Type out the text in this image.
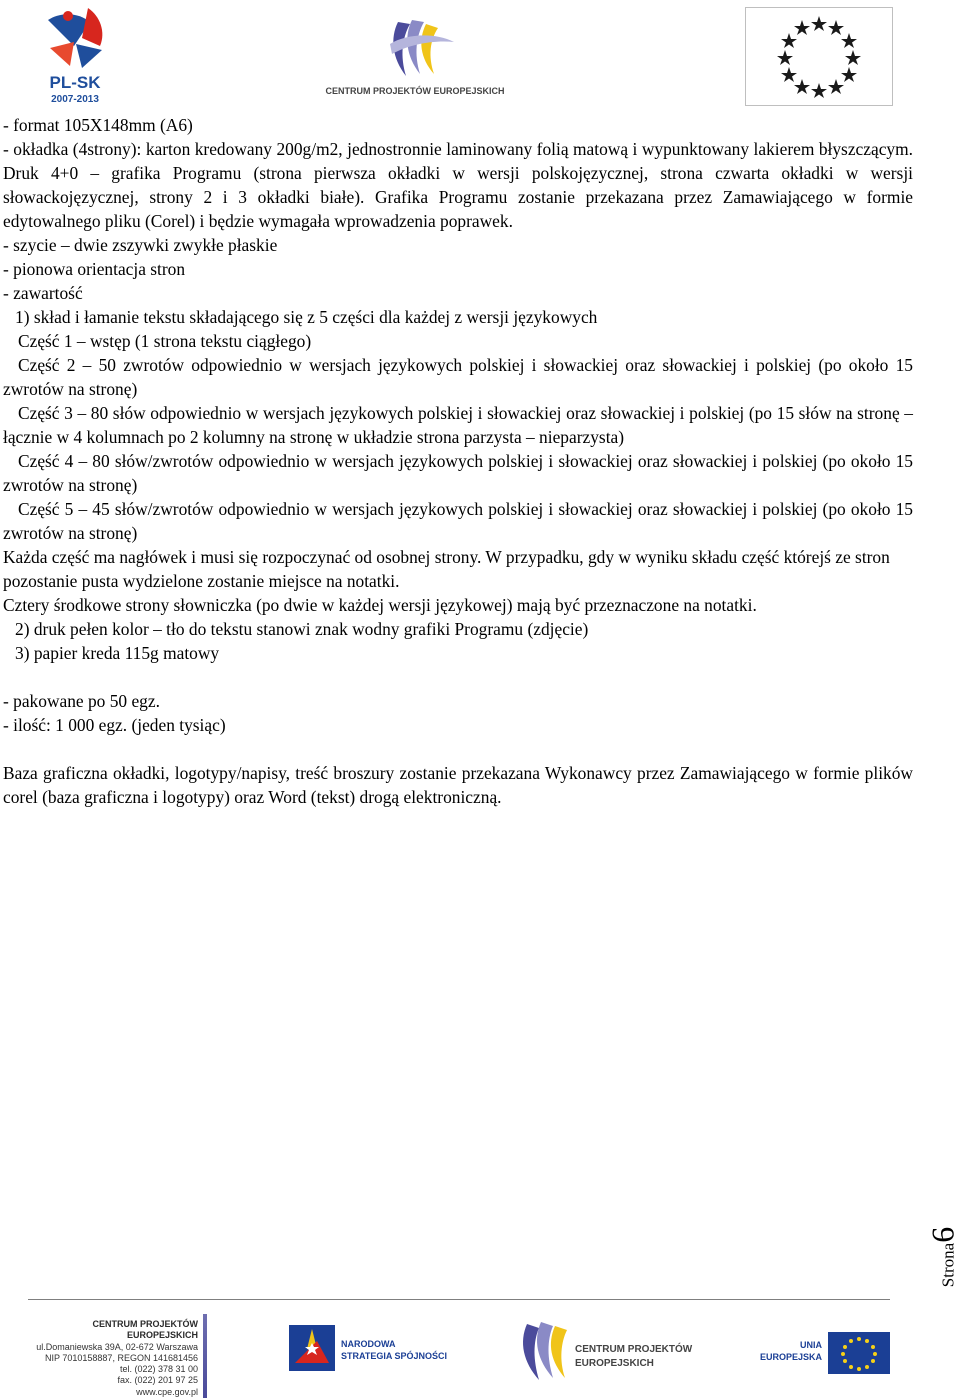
PL-SK
2007-2013
CENTRUM PROJEKTÓW EUROPEJSKICH

- format 105X148mm (A6)

- okładka (4strony): karton kredowany 200g/m2, jednostronnie laminowany folią matową i wypunktowany lakierem błyszczącym. Druk 4+0 – grafika Programu (strona pierwsza okładki w wersji polskojęzycznej, strona czwarta okładki w wersji słowackojęzycznej, strony 2 i 3 okładki białe). Grafika Programu zostanie przekazana przez Zamawiającego w formie edytowalnego pliku (Corel) i będzie wymagała wprowadzenia poprawek.

- szycie – dwie zszywki zwykłe płaskie

- pionowa orientacja stron

- zawartość

1) skład i łamanie tekstu składającego się z 5 części dla każdej z wersji językowych

Część 1 – wstęp (1 strona tekstu ciągłego)

Część 2 – 50 zwrotów odpowiednio w wersjach językowych polskiej i słowackiej oraz słowackiej i polskiej (po około 15 zwrotów na stronę)

Część 3 – 80 słów odpowiednio w wersjach językowych polskiej i słowackiej oraz słowackiej i polskiej (po 15 słów na stronę – łącznie w 4 kolumnach po 2 kolumny na stronę w układzie strona parzysta – nieparzysta)

Część 4 – 80 słów/zwrotów odpowiednio w wersjach językowych polskiej i słowackiej oraz słowackiej i polskiej (po około 15 zwrotów na stronę)

Część 5 – 45 słów/zwrotów odpowiednio w wersjach językowych polskiej i słowackiej oraz słowackiej i polskiej (po około 15 zwrotów na stronę)

Każda część ma nagłówek i musi się rozpoczynać od osobnej strony. W przypadku, gdy w wyniku składu część którejś ze stron pozostanie pusta wydzielone zostanie miejsce na notatki.

Cztery środkowe strony słowniczka (po dwie w każdej wersji językowej) mają być przeznaczone na notatki.

2) druk pełen kolor – tło do tekstu stanowi znak wodny grafiki Programu (zdjęcie)

3) papier kreda 115g matowy

- pakowane po 50 egz.

- ilość: 1 000 egz. (jeden tysiąc)

Baza graficzna okładki, logotypy/napisy, treść broszury zostanie przekazana Wykonawcy przez Zamawiającego w formie plików corel (baza graficzna i logotypy) oraz Word (tekst) drogą elektroniczną.

Strona6
CENTRUM PROJEKTÓW EUROPEJSKICH
ul.Domaniewska 39A, 02-672 Warszawa
NIP 7010158887, REGON 141681456
tel. (022) 378 31 00
fax. (022) 201 97 25
www.cpe.gov.pl
NARODOWA
STRATEGIA SPÓJNOŚCI
CENTRUM PROJEKTÓW
EUROPEJSKICH
UNIA
EUROPEJSKA
